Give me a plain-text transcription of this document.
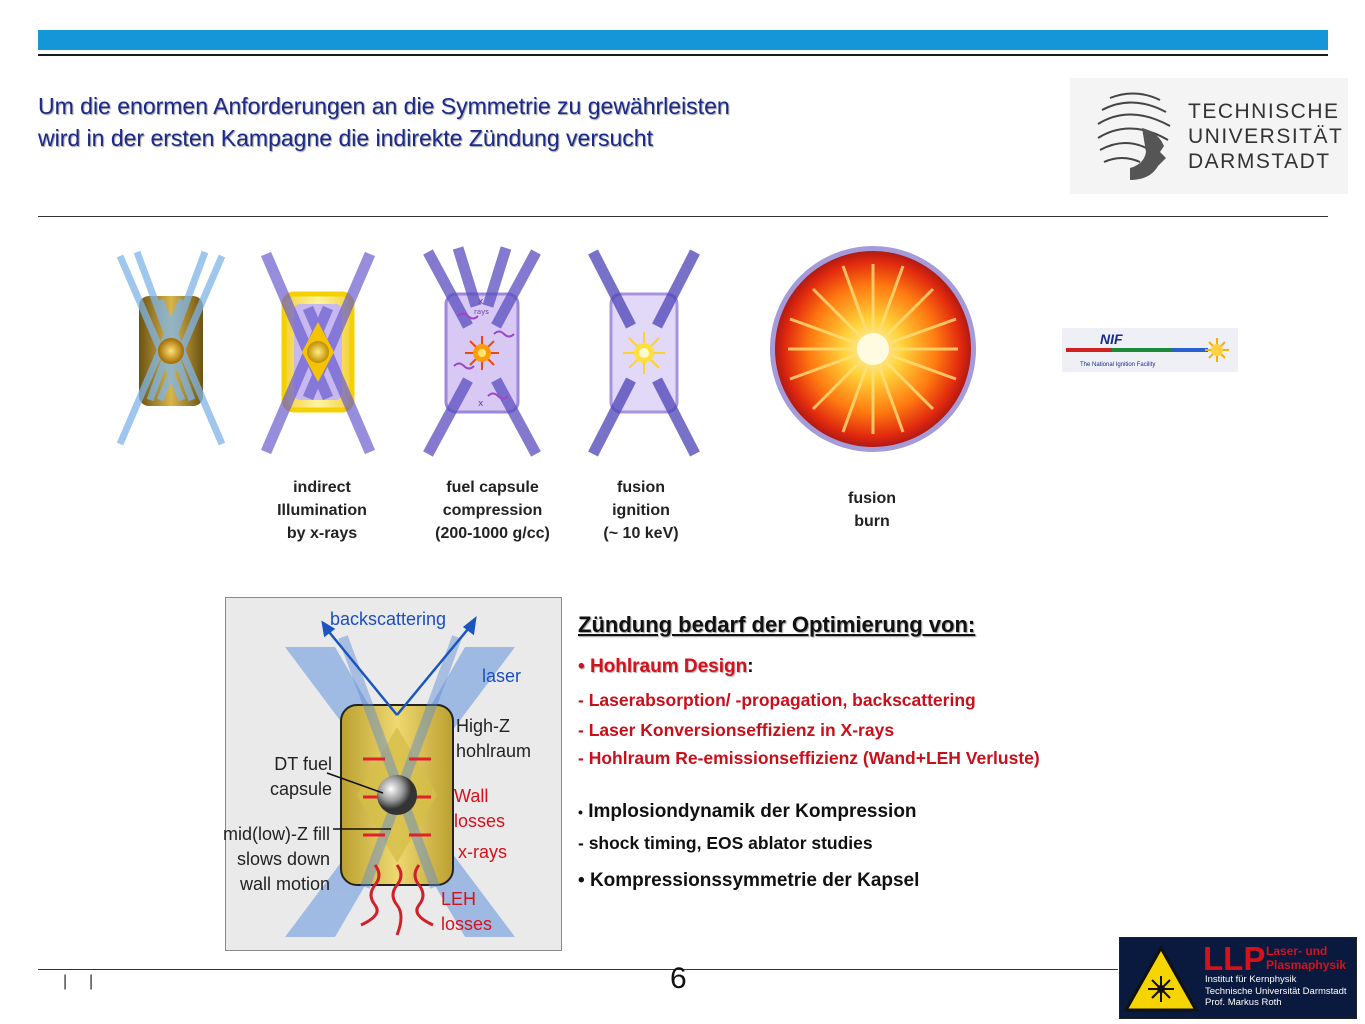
Um die enormen Anforderungen an die Symmetrie zu gewährleisten wird in der ersten Kampagne die indirekte Zündung versucht
TECHNISCHE
UNIVERSITÄT
DARMSTADT
x
rays
x
NIF
The National Ignition Facility
indirect
Illumination
by x-rays
fuel capsule
compression
(200-1000 g/cc)
fusion
ignition
(~ 10 keV)
fusion
burn
backscattering
laser
High-Z
hohlraum
DT fuel
capsule	Wall
losses
mid(low)-Z fill
slows down
wall motion
x-rays
LEH
losses
Zündung bedarf der Optimierung von:
• Hohlraum Design:
- Laserabsorption/ -propagation, backscattering
- Laser Konversionseffizienz in X-rays
- Hohlraum Re-emissionseffizienz (Wand+LEH Verluste)
• Implosiondynamik der Kompression
- shock timing, EOS ablator studies
• Kompressionssymmetrie der Kapsel
6
| |
LLP Laser- und
Plasmaphysik
Institut für Kernphysik
Technische Universität Darmstadt
Prof. Markus Roth
